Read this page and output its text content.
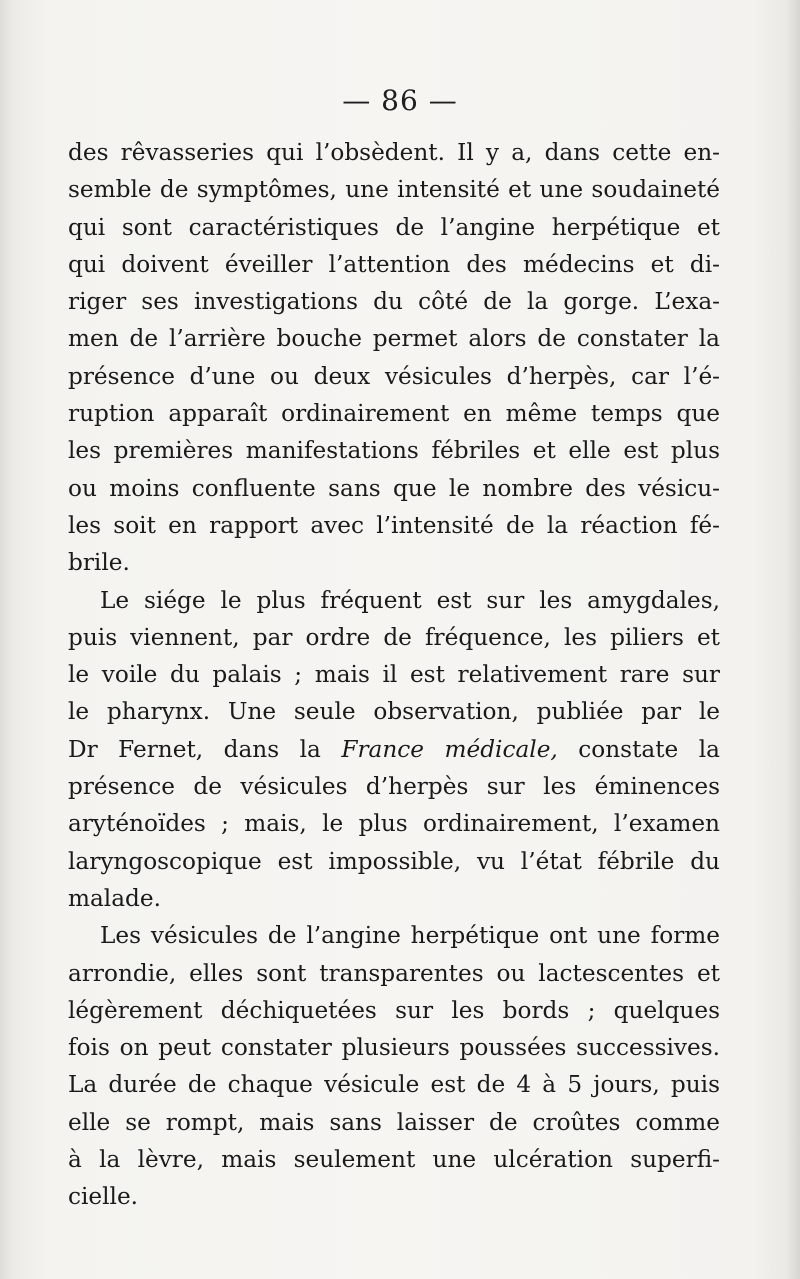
— 86 —

des rêvasseries qui l’obsèdent. Il y a, dans cette en-
semble de symptômes, une intensité et une soudaineté
qui sont caractéristiques de l’angine herpétique et
qui doivent éveiller l’attention des médecins et di-
riger ses investigations du côté de la gorge. L’exa-
men de l’arrière bouche permet alors de constater la
présence d’une ou deux vésicules d’herpès, car l’é-
ruption apparaît ordinairement en même temps que
les premières manifestations fébriles et elle est plus
ou moins confluente sans que le nombre des vésicu-
les soit en rapport avec l’intensité de la réaction fé-
brile.

Le siége le plus fréquent est sur les amygdales,
puis viennent, par ordre de fréquence, les piliers et
le voile du palais ; mais il est relativement rare sur
le pharynx. Une seule observation, publiée par le
Dr Fernet, dans la France médicale, constate la
présence de vésicules d’herpès sur les éminences
aryténoïdes ; mais, le plus ordinairement, l’examen
laryngoscopique est impossible, vu l’état fébrile du
malade.

Les vésicules de l’angine herpétique ont une forme
arrondie, elles sont transparentes ou lactescentes et
légèrement déchiquetées sur les bords ; quelques
fois on peut constater plusieurs poussées successives.
La durée de chaque vésicule est de 4 à 5 jours, puis
elle se rompt, mais sans laisser de croûtes comme
à la lèvre, mais seulement une ulcération superfi-
cielle.
